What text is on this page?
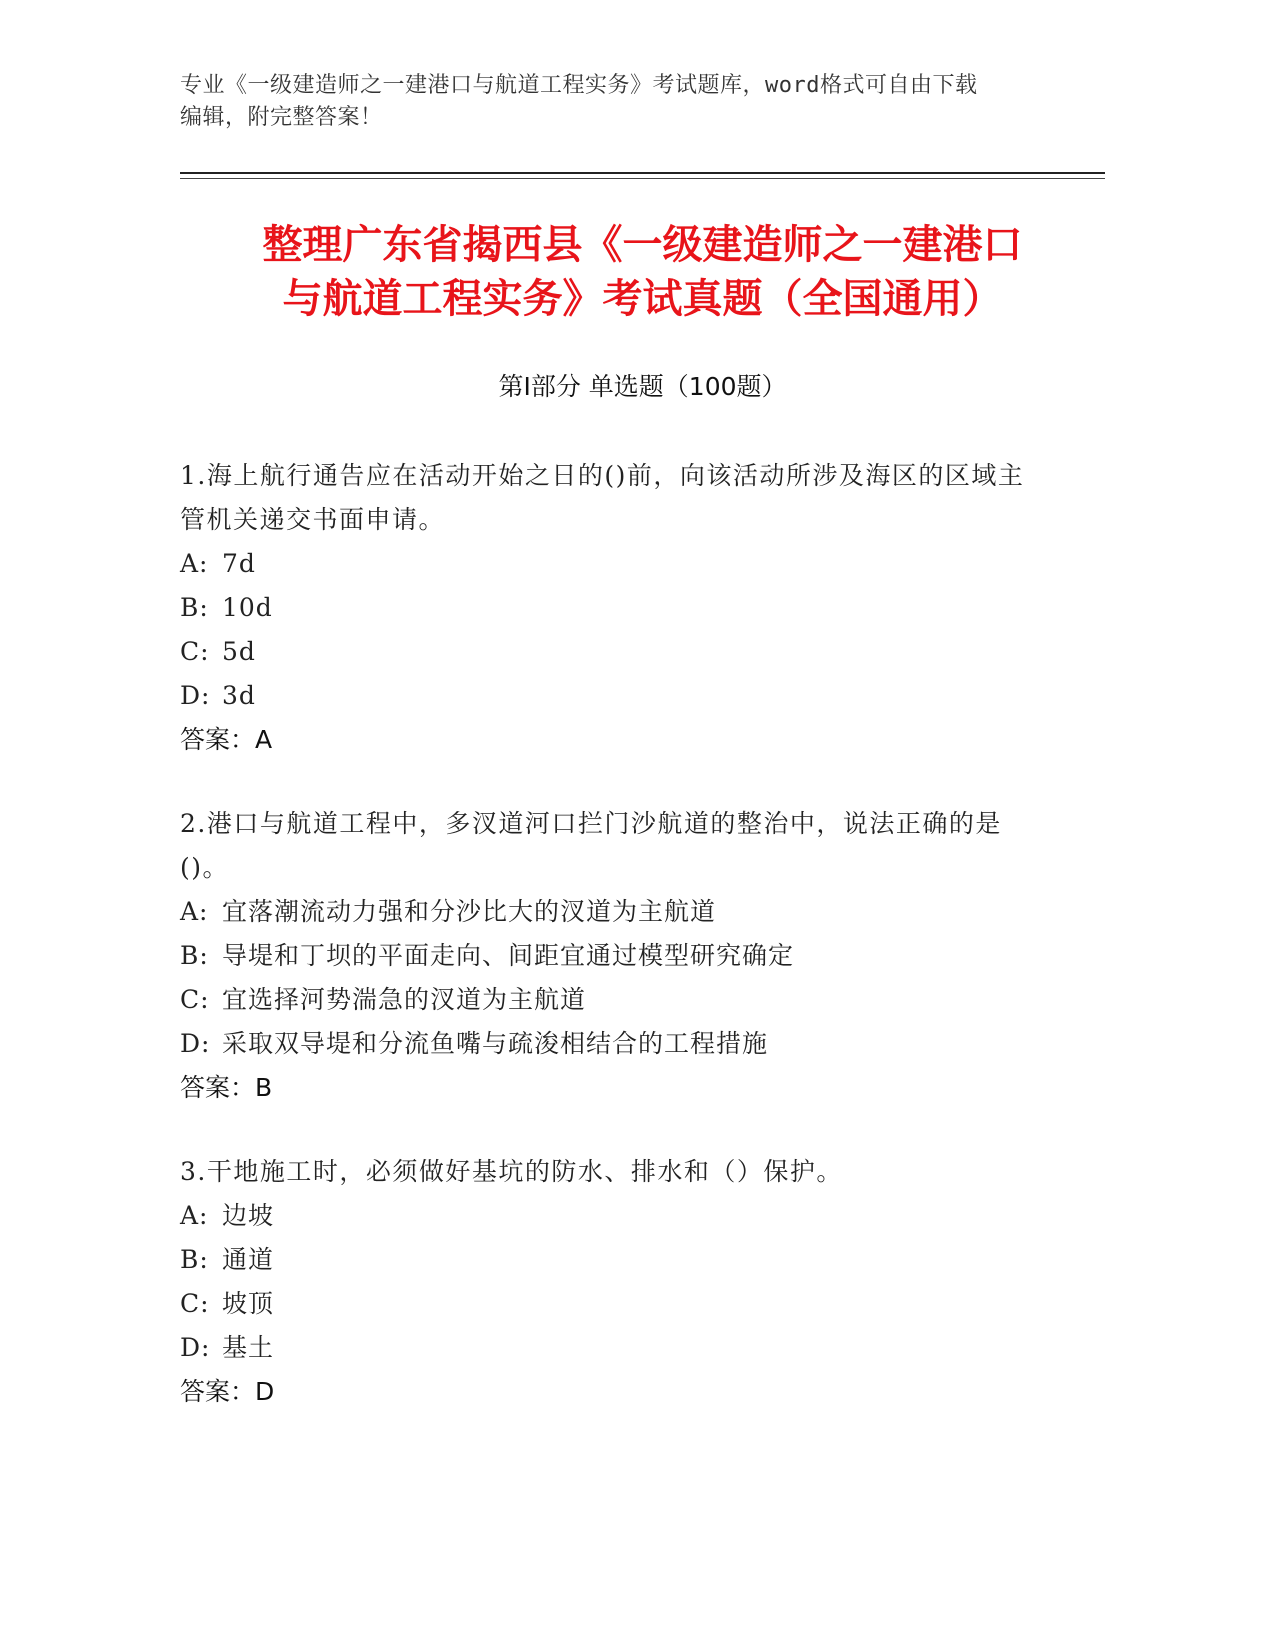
专业《一级建造师之一建港口与航道工程实务》考试题库，word格式可自由下载
编辑，附完整答案！
整理广东省揭西县《一级建造师之一建港口
与航道工程实务》考试真题（全国通用）
第Ⅰ部分 单选题（100题）
1.海上航行通告应在活动开始之日的()前，向该活动所涉及海区的区域主管机关递交书面申请。
A: 7d
B: 10d
C: 5d
D: 3d
答案：A
2.港口与航道工程中，多汊道河口拦门沙航道的整治中，说法正确的是()。
A: 宜落潮流动力强和分沙比大的汊道为主航道
B: 导堤和丁坝的平面走向、间距宜通过模型研究确定
C: 宜选择河势湍急的汊道为主航道
D: 采取双导堤和分流鱼嘴与疏浚相结合的工程措施
答案：B
3.干地施工时，必须做好基坑的防水、排水和（）保护。
A: 边坡
B: 通道
C: 坡顶
D: 基土
答案：D
